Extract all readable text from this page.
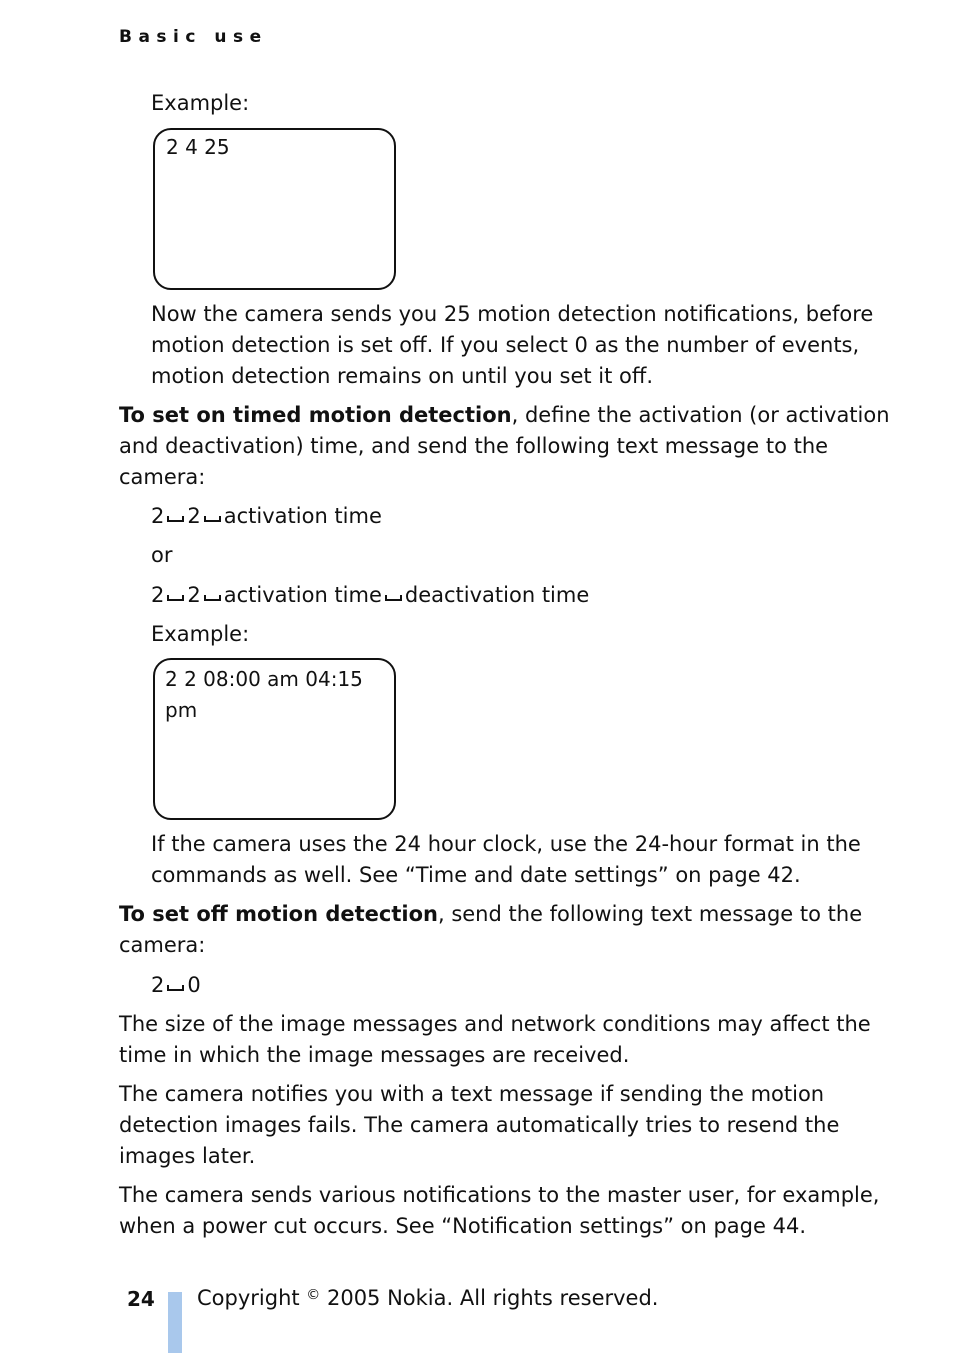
Basic use
Example:
2 4 25
Now the camera sends you 25 motion detection notifications, before
motion detection is set off. If you select 0 as the number of events,
motion detection remains on until you set it off.
To set on timed motion detection, define the activation (or activation
and deactivation) time, and send the following text message to the
camera:
2 2 activation time
or
2 2 activation time deactivation time
Example:
2 2 08:00 am 04:15
pm
If the camera uses the 24 hour clock, use the 24-hour format in the
commands as well. See “Time and date settings” on page 42.
To set off motion detection, send the following text message to the
camera:
2 0
The size of the image messages and network conditions may affect the
time in which the image messages are received.
The camera notifies you with a text message if sending the motion
detection images fails. The camera automatically tries to resend the
images later.
The camera sends various notifications to the master user, for example,
when a power cut occurs. See “Notification settings” on page 44.
24 Copyright © 2005 Nokia. All rights reserved.
